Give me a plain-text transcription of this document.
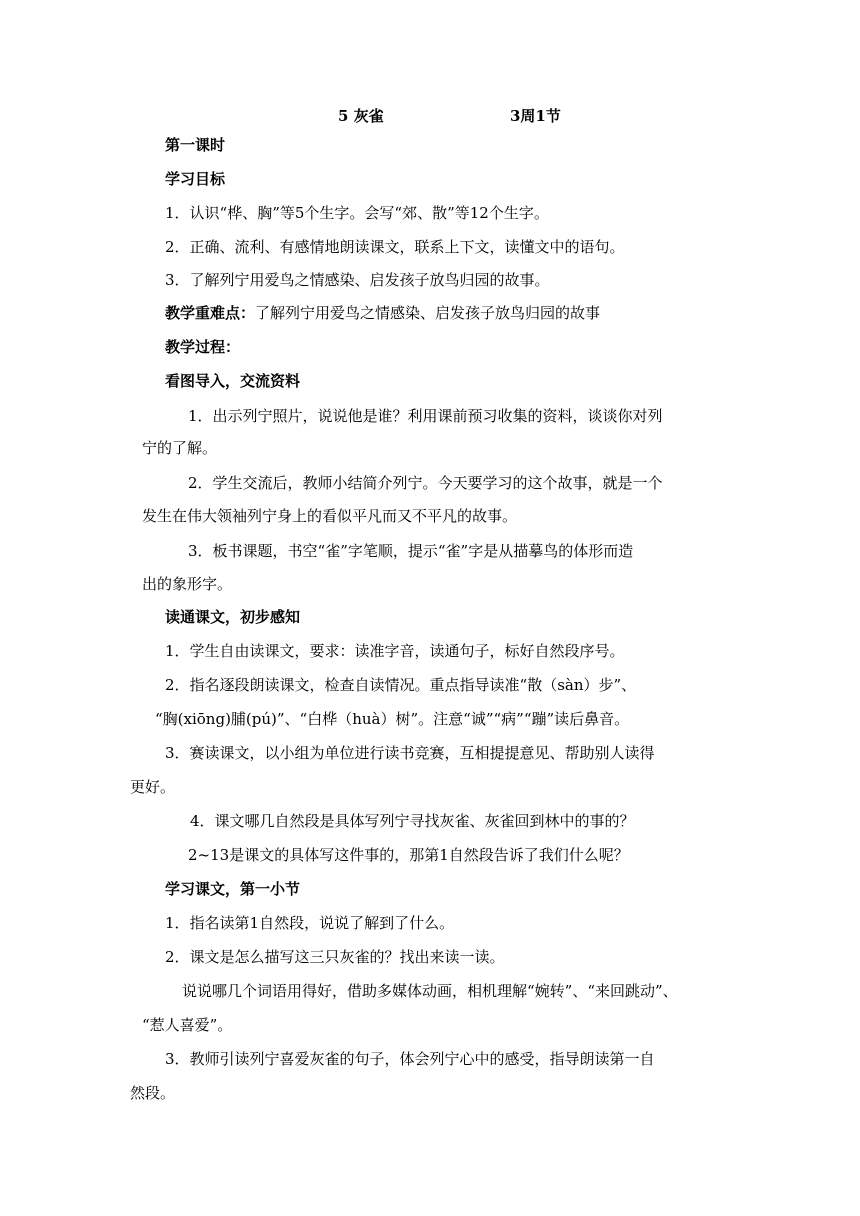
5 灰雀	3周1节

第一课时

学习目标

1．认识“桦、胸”等5个生字。会写“郊、散”等12个生字。

2．正确、流利、有感情地朗读课文，联系上下文，读懂文中的语句。

3．了解列宁用爱鸟之情感染、启发孩子放鸟归园的故事。

教学重难点：了解列宁用爱鸟之情感染、启发孩子放鸟归园的故事

教学过程：

看图导入，交流资料

1．出示列宁照片，说说他是谁？利用课前预习收集的资料，谈谈你对列

宁的了解。

2．学生交流后，教师小结简介列宁。今天要学习的这个故事，就是一个

发生在伟大领袖列宁身上的看似平凡而又不平凡的故事。

3．板书课题，书空“雀”字笔顺，提示“雀”字是从描摹鸟的体形而造

出的象形字。

读通课文，初步感知

1．学生自由读课文，要求：读准字音，读通句子，标好自然段序号。

2．指名逐段朗读课文，检查自读情况。重点指导读准“散（sàn）步”、

“胸(xiōng)脯(pú)”、“白桦（huà）树”。注意“诚”“病”“蹦”读后鼻音。

3．赛读课文，以小组为单位进行读书竞赛，互相提提意见、帮助别人读得

更好。

4．课文哪几自然段是具体写列宁寻找灰雀、灰雀回到林中的事的？

2~13是课文的具体写这件事的，那第1自然段告诉了我们什么呢？

学习课文，第一小节

1．指名读第1自然段，说说了解到了什么。

2．课文是怎么描写这三只灰雀的？找出来读一读。

说说哪几个词语用得好，借助多媒体动画，相机理解“婉转”、“来回跳动”、

“惹人喜爱”。

3．教师引读列宁喜爱灰雀的句子，体会列宁心中的感受，指导朗读第一自

然段。
